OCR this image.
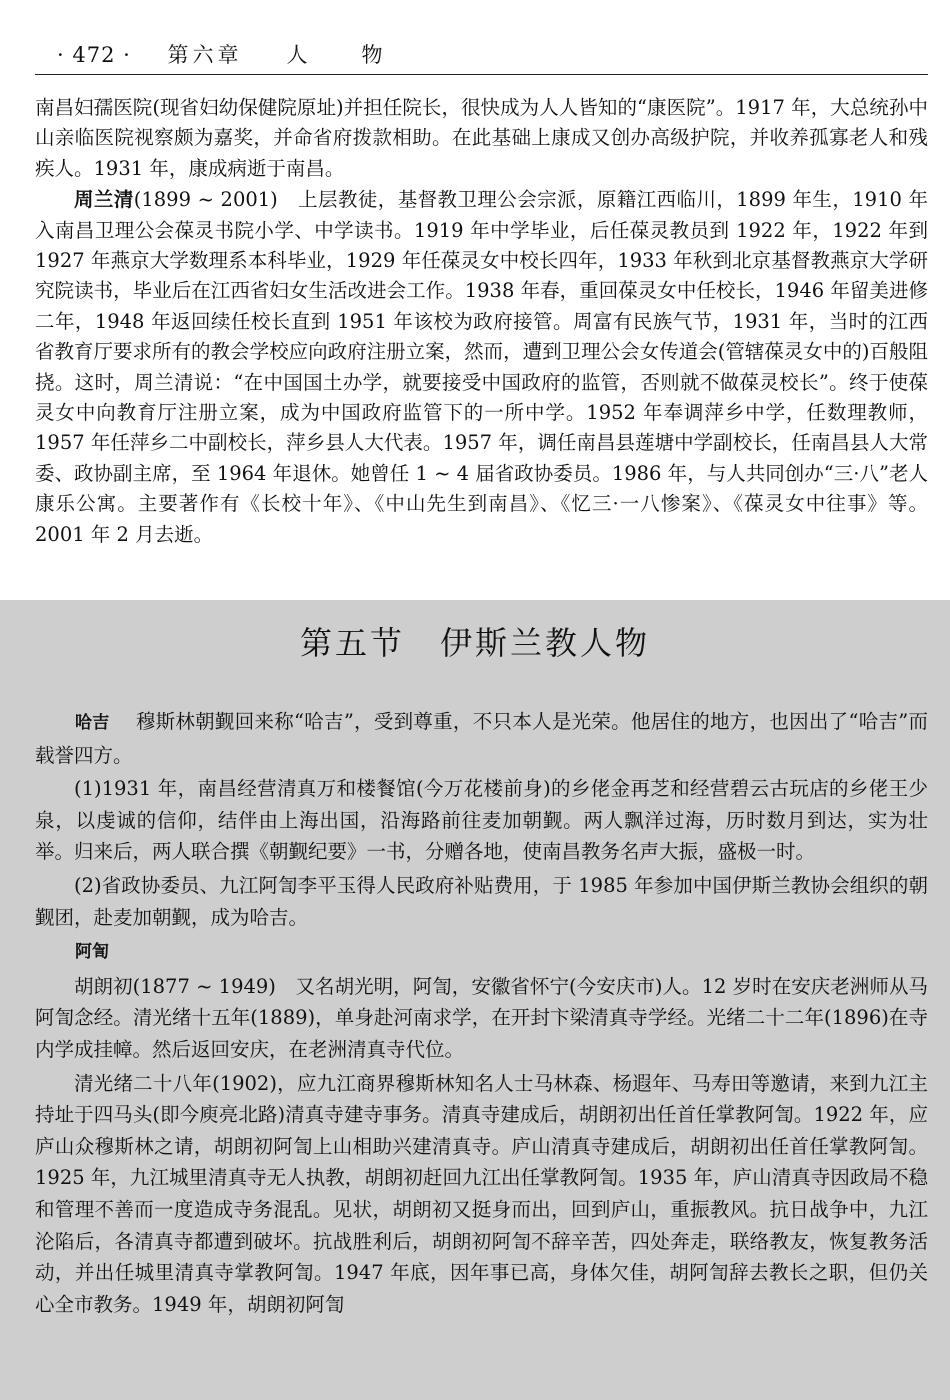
· 472 · 第六章 人　　物

南昌妇孺医院(现省妇幼保健院原址)并担任院长，很快成为人人皆知的“康医院”。1917 年，大总统孙中山亲临医院视察颇为嘉奖，并命省府拨款相助。在此基础上康成又创办高级护院，并收养孤寡老人和残疾人。1931 年，康成病逝于南昌。

周兰清(1899 ~ 2001)　 上层教徒，基督教卫理公会宗派，原籍江西临川，1899 年生，1910 年入南昌卫理公会葆灵书院小学、中学读书。1919 年中学毕业，后任葆灵教员到 1922 年，1922 年到 1927 年燕京大学数理系本科毕业，1929 年任葆灵女中校长四年，1933 年秋到北京基督教燕京大学研究院读书，毕业后在江西省妇女生活改进会工作。1938 年春，重回葆灵女中任校长，1946 年留美进修二年，1948 年返回续任校长直到 1951 年该校为政府接管。周富有民族气节，1931 年，当时的江西省教育厅要求所有的教会学校应向政府注册立案，然而，遭到卫理公会女传道会(管辖葆灵女中的)百般阻挠。这时，周兰清说：“在中国国土办学，就要接受中国政府的监管，否则就不做葆灵校长”。终于使葆灵女中向教育厅注册立案，成为中国政府监管下的一所中学。1952 年奉调萍乡中学，任数理教师，1957 年任萍乡二中副校长，萍乡县人大代表。1957 年，调任南昌县莲塘中学副校长，任南昌县人大常委、政协副主席，至 1964 年退休。她曾任 1 ~ 4 届省政协委员。1986 年，与人共同创办“三·八”老人康乐公寓。主要著作有《长校十年》、《中山先生到南昌》、《忆三·一八惨案》、《葆灵女中往事》等。2001 年 2 月去逝。

第五节　伊斯兰教人物

哈吉　 穆斯林朝觐回来称“哈吉”，受到尊重，不只本人是光荣。他居住的地方，也因出了“哈吉”而载誉四方。

(1)1931 年，南昌经营清真万和楼餐馆(今万花楼前身)的乡佬金再芝和经营碧云古玩店的乡佬王少泉，以虔诚的信仰，结伴由上海出国，沿海路前往麦加朝觐。两人飘洋过海，历时数月到达，实为壮举。归来后，两人联合撰《朝觐纪要》一书，分赠各地，使南昌教务名声大振，盛极一时。

(2)省政协委员、九江阿訇李平玉得人民政府补贴费用，于 1985 年参加中国伊斯兰教协会组织的朝觐团，赴麦加朝觐，成为哈吉。

阿訇

胡朗初(1877 ~ 1949)　又名胡光明，阿訇，安徽省怀宁(今安庆市)人。12 岁时在安庆老洲师从马阿訇念经。清光绪十五年(1889)，单身赴河南求学，在开封卞梁清真寺学经。光绪二十二年(1896)在寺内学成挂幛。然后返回安庆，在老洲清真寺代位。

清光绪二十八年(1902)，应九江商界穆斯林知名人士马林森、杨遐年、马寿田等邀请，来到九江主持址于四马头(即今庾亮北路)清真寺建寺事务。清真寺建成后，胡朗初出任首任掌教阿訇。1922 年，应庐山众穆斯林之请，胡朗初阿訇上山相助兴建清真寺。庐山清真寺建成后，胡朗初出任首任掌教阿訇。1925 年，九江城里清真寺无人执教，胡朗初赶回九江出任掌教阿訇。1935 年，庐山清真寺因政局不稳和管理不善而一度造成寺务混乱。见状，胡朗初又挺身而出，回到庐山，重振教风。抗日战争中，九江沦陷后，各清真寺都遭到破坏。抗战胜利后，胡朗初阿訇不辞辛苦，四处奔走，联络教友，恢复教务活动，并出任城里清真寺掌教阿訇。1947 年底，因年事已高，身体欠佳，胡阿訇辞去教长之职，但仍关心全市教务。1949 年，胡朗初阿訇
